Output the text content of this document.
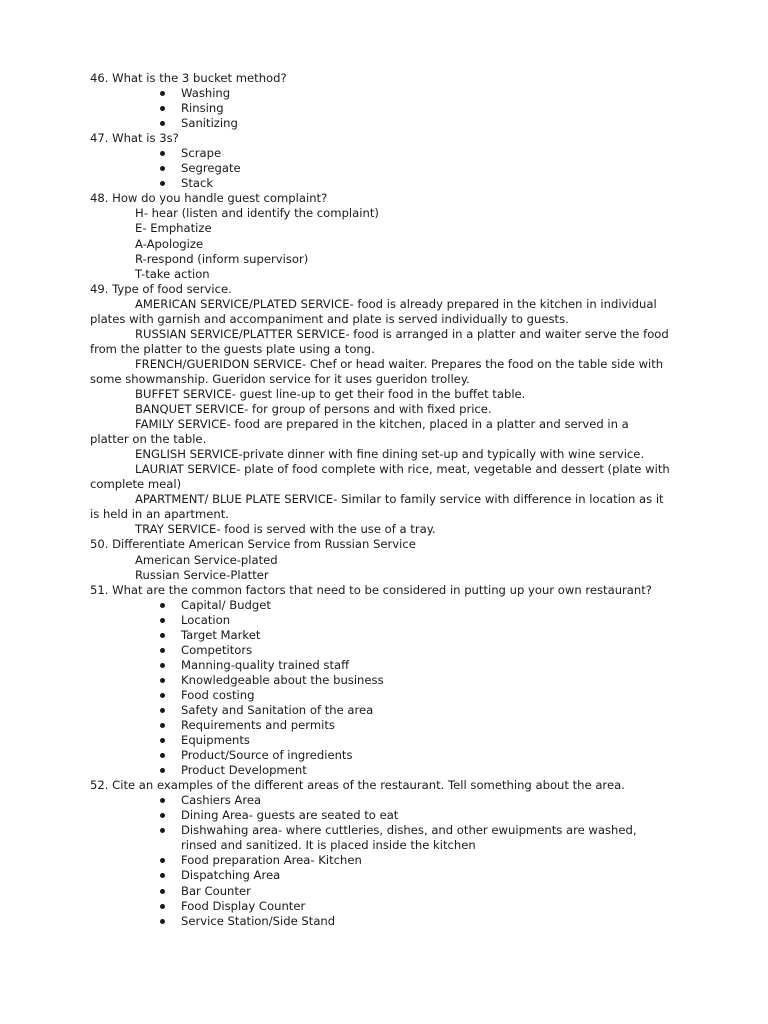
46. What is the 3 bucket method?
Washing
Rinsing
Sanitizing
47. What is 3s?
Scrape
Segregate
Stack
48. How do you handle guest complaint?
H- hear (listen and identify the complaint)
E- Emphatize
A-Apologize
R-respond (inform supervisor)
T-take action
49. Type of food service.
AMERICAN SERVICE/PLATED SERVICE- food is already prepared in the kitchen in individual plates with garnish and accompaniment and plate is served individually to guests.
RUSSIAN SERVICE/PLATTER SERVICE- food is arranged in a platter and waiter serve the food from the platter to the guests plate using a tong.
FRENCH/GUERIDON SERVICE- Chef or head waiter. Prepares the food on the table side with some showmanship. Gueridon service for it uses gueridon trolley.
BUFFET SERVICE- guest line-up to get their food in the buffet table.
BANQUET SERVICE- for group of persons and with fixed price.
FAMILY SERVICE- food are prepared in the kitchen, placed in a platter and served in a platter on the table.
ENGLISH SERVICE-private dinner with fine dining set-up and typically with wine service.
LAURIAT SERVICE- plate of food complete with rice, meat, vegetable and dessert (plate with complete meal)
APARTMENT/ BLUE PLATE SERVICE- Similar to family service with difference in location as it is held in an apartment.
TRAY SERVICE- food is served with the use of a tray.
50. Differentiate American Service from Russian Service
American Service-plated
Russian Service-Platter
51. What are the common factors that need to be considered in putting up your own restaurant?
Capital/ Budget
Location
Target Market
Competitors
Manning-quality trained staff
Knowledgeable about the business
Food costing
Safety and Sanitation of the area
Requirements and permits
Equipments
Product/Source of ingredients
Product Development
52. Cite an examples of the different areas of the restaurant. Tell something about the area.
Cashiers Area
Dining Area- guests are seated to eat
Dishwahing area- where cuttleries, dishes, and other ewuipments are washed, rinsed and sanitized. It is placed inside the kitchen
Food preparation Area- Kitchen
Dispatching Area
Bar Counter
Food Display Counter
Service Station/Side Stand
